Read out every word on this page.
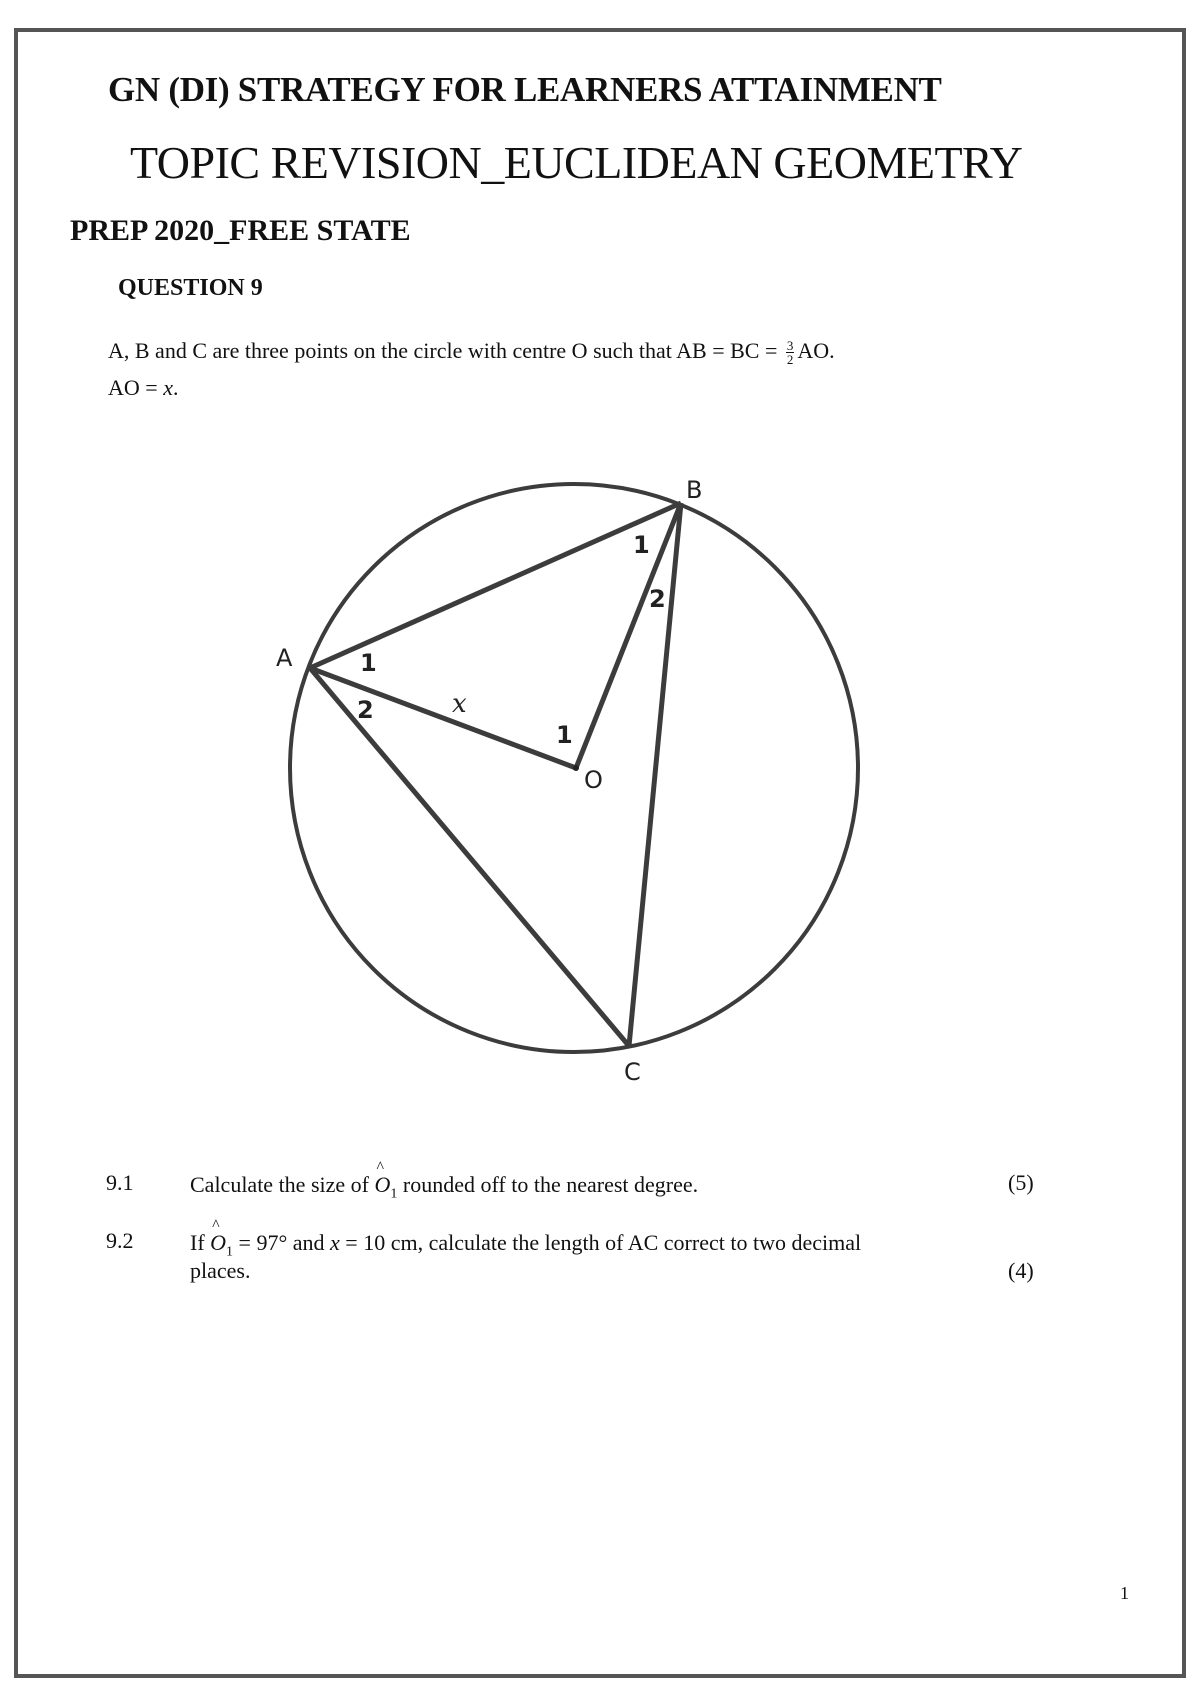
GN (DI) STRATEGY FOR LEARNERS ATTAINMENT
TOPIC REVISION_EUCLIDEAN GEOMETRY
PREP 2020_FREE STATE
QUESTION 9
A, B and C are three points on the circle with centre O such that AB = BC = $\frac{3}{2}$ AO.
AO = x.
A
B
C
O
1
2
1
2
1
x
9.1	Calculate the size of ^ $O_1$ rounded off to the nearest degree.	(5)
9.2	If ^ $O_1 = 97^\circ$ and x = 10 cm, calculate the length of AC correct to two decimal
places.	(4)
1
